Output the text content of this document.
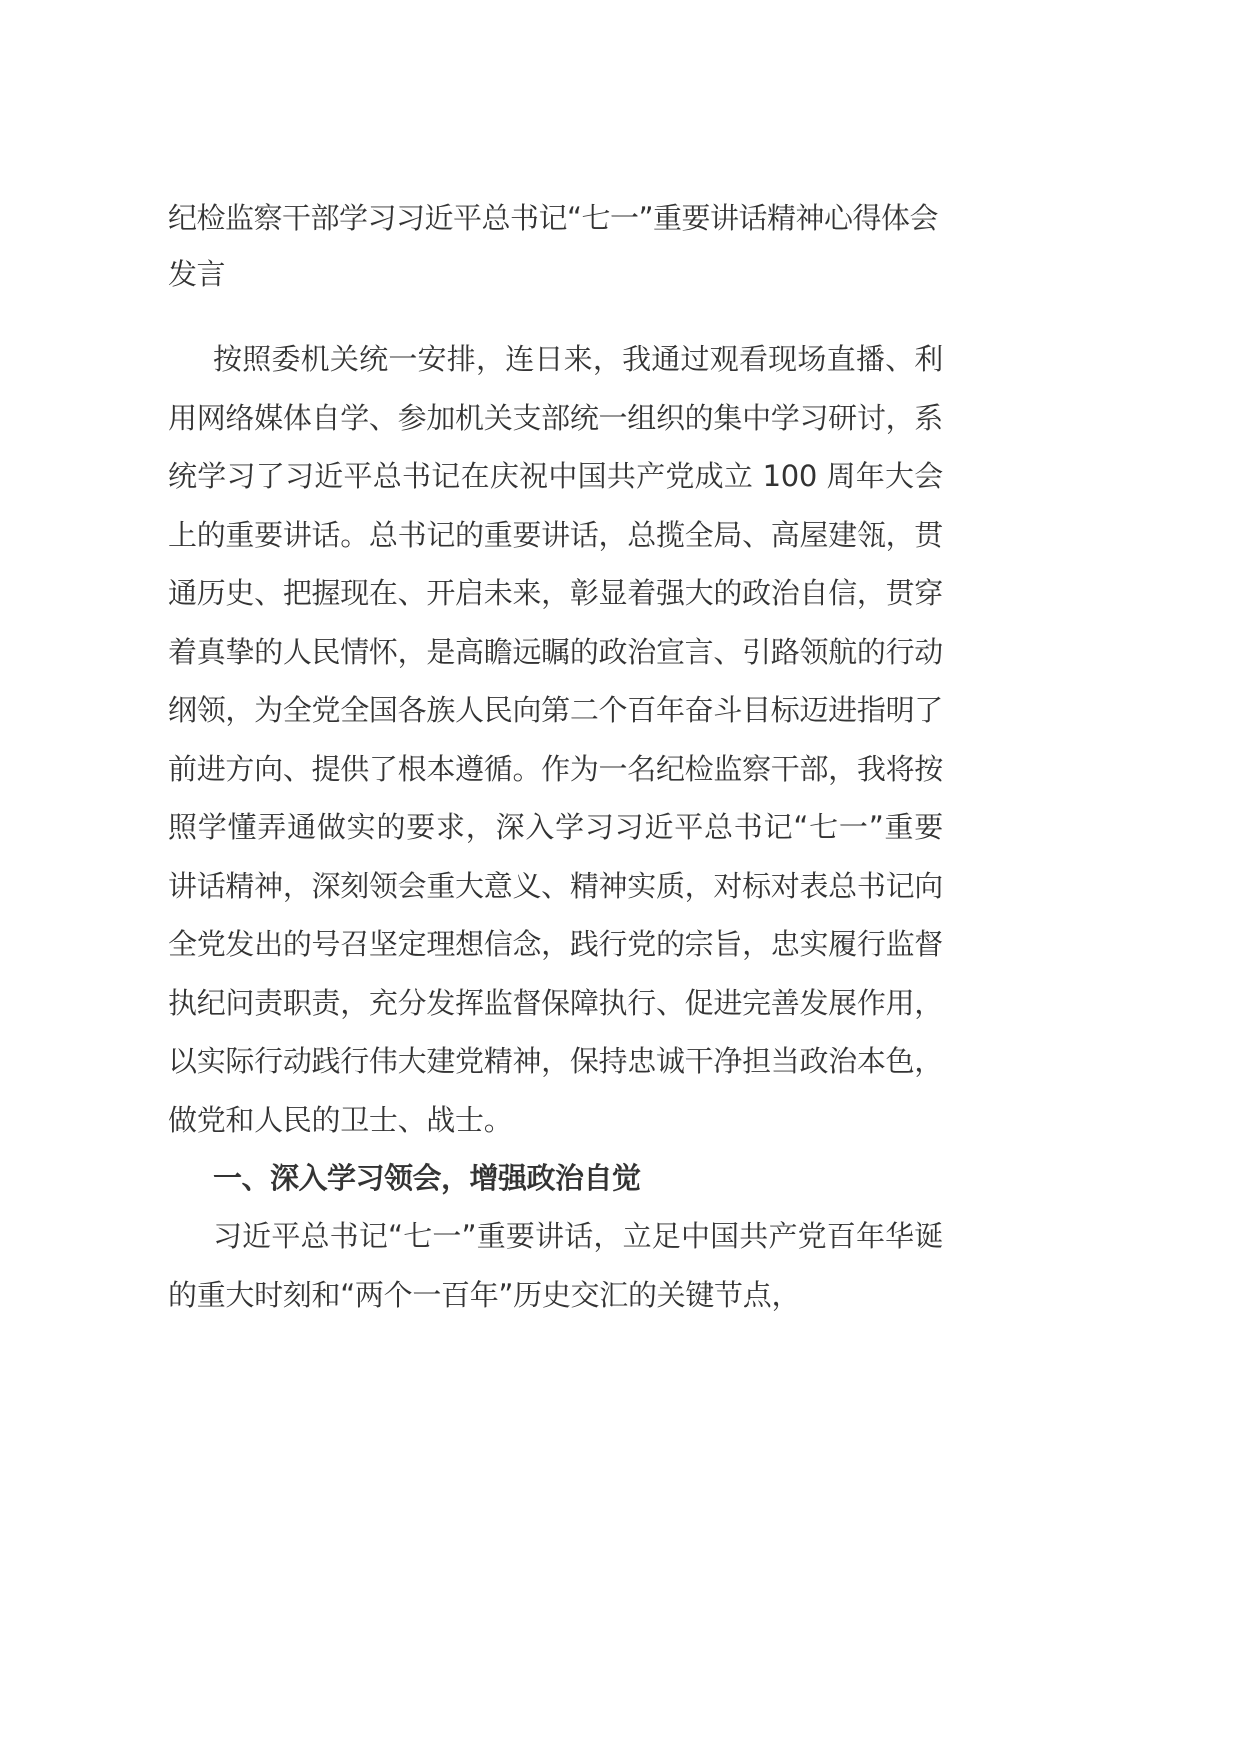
纪检监察干部学习习近平总书记“七一”重要讲话精神心得体会发言

按照委机关统一安排，连日来，我通过观看现场直播、利用网络媒体自学、参加机关支部统一组织的集中学习研讨，系统学习了习近平总书记在庆祝中国共产党成立 100 周年大会上的重要讲话。总书记的重要讲话，总揽全局、高屋建瓴，贯通历史、把握现在、开启未来，彰显着强大的政治自信，贯穿着真挚的人民情怀，是高瞻远瞩的政治宣言、引路领航的行动纲领，为全党全国各族人民向第二个百年奋斗目标迈进指明了前进方向、提供了根本遵循。作为一名纪检监察干部，我将按照学懂弄通做实的要求，深入学习习近平总书记“七一”重要讲话精神，深刻领会重大意义、精神实质，对标对表总书记向全党发出的号召坚定理想信念，践行党的宗旨，忠实履行监督执纪问责职责，充分发挥监督保障执行、促进完善发展作用，以实际行动践行伟大建党精神，保持忠诚干净担当政治本色，做党和人民的卫士、战士。

一、深入学习领会，增强政治自觉

习近平总书记“七一”重要讲话，立足中国共产党百年华诞的重大时刻和“两个一百年”历史交汇的关键节点，
